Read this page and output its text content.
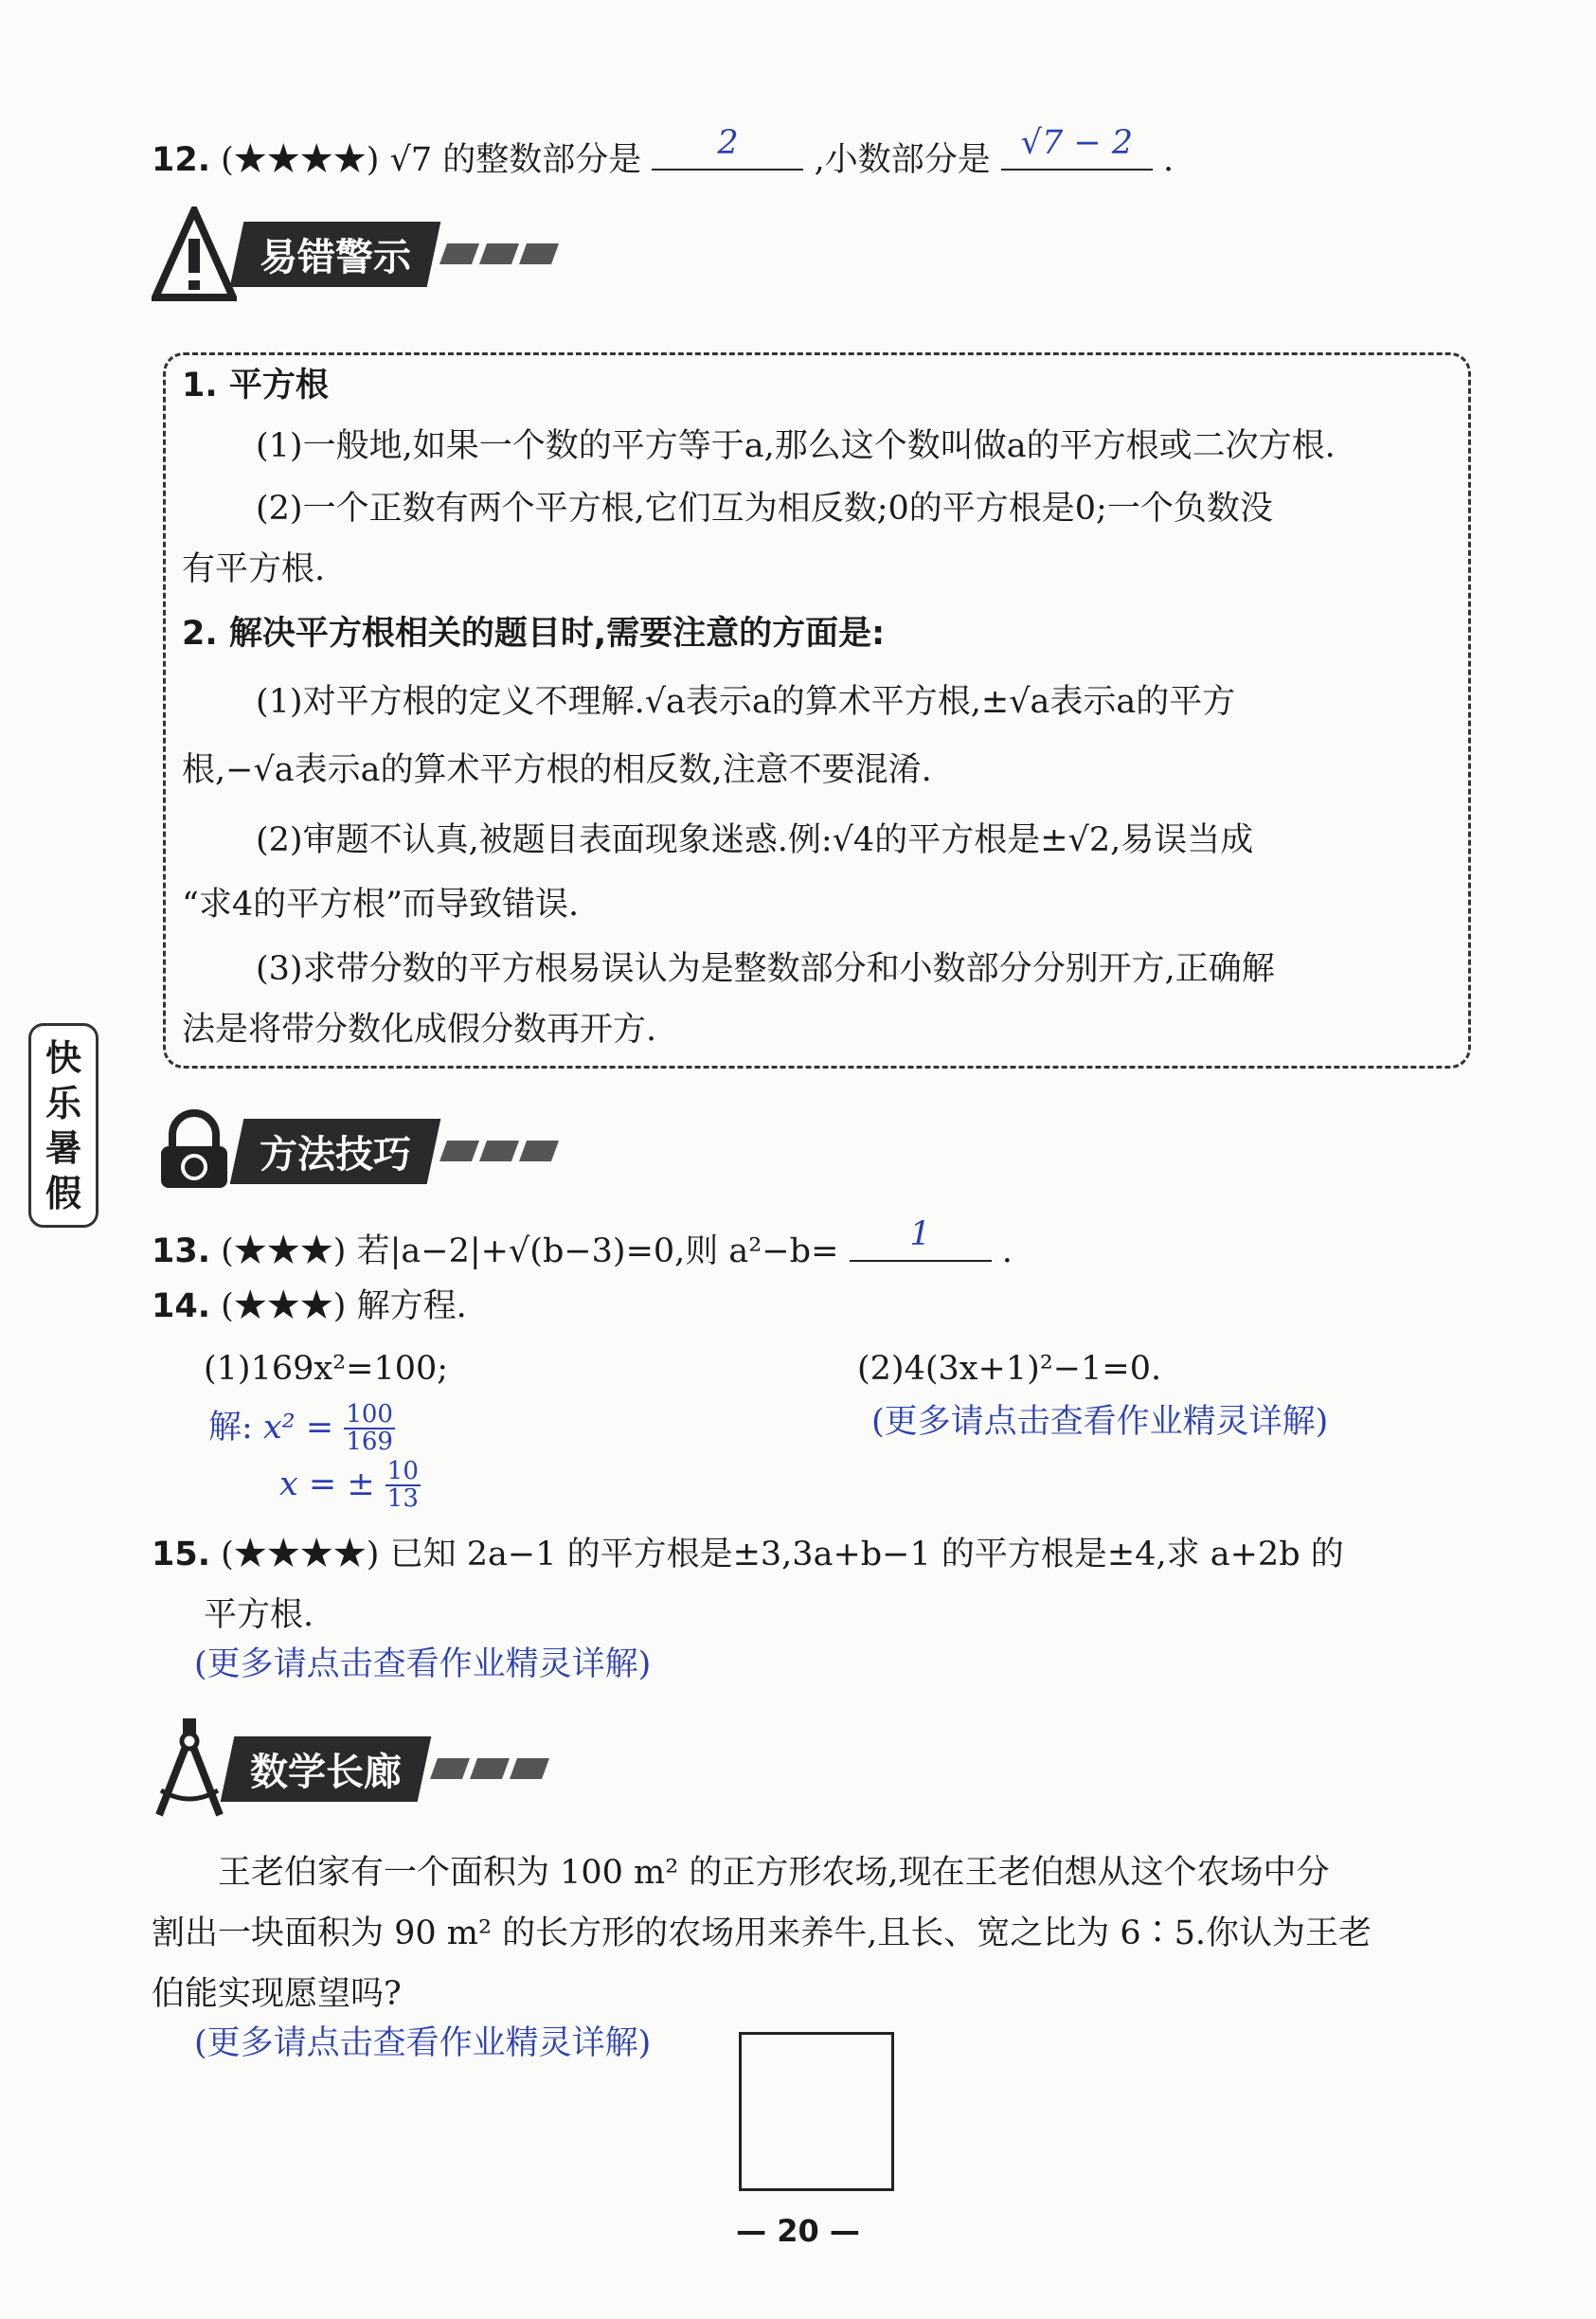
12. (★★★★) √7 的整数部分是	2	,小数部分是 √7 − 2 .
易错警示
1. 平方根
(1)一般地,如果一个数的平方等于a,那么这个数叫做a的平方根或二次方根.
(2)一个正数有两个平方根,它们互为相反数;0的平方根是0;一个负数没
有平方根.
2. 解决平方根相关的题目时,需要注意的方面是:
(1)对平方根的定义不理解.√a表示a的算术平方根,±√a表示a的平方
根,−√a表示a的算术平方根的相反数,注意不要混淆.
(2)审题不认真,被题目表面现象迷惑.例:√4的平方根是±√2,易误当成
“求4的平方根”而导致错误.
(3)求带分数的平方根易误认为是整数部分和小数部分分别开方,正确解
法是将带分数化成假分数再开方.
快
乐
暑
假
方法技巧
13. (★★★) 若|a−2|+√(b−3)=0,则 a²−b=	1	.
14. (★★★) 解方程.
(1)169x²=100;	(2)4(3x+1)²−1=0.
解: $x^2 = \frac{100}{169}$
x = ± $\frac{10}{13}$
(更多请点击查看作业精灵详解)
15. (★★★★) 已知 2a−1 的平方根是±3,3a+b−1 的平方根是±4,求 a+2b 的
平方根.
(更多请点击查看作业精灵详解)
数学长廊
王老伯家有一个面积为 100 m² 的正方形农场,现在王老伯想从这个农场中分
割出一块面积为 90 m² 的长方形的农场用来养牛,且长、宽之比为 6∶5.你认为王老
伯能实现愿望吗?
(更多请点击查看作业精灵详解)
— 20 —
